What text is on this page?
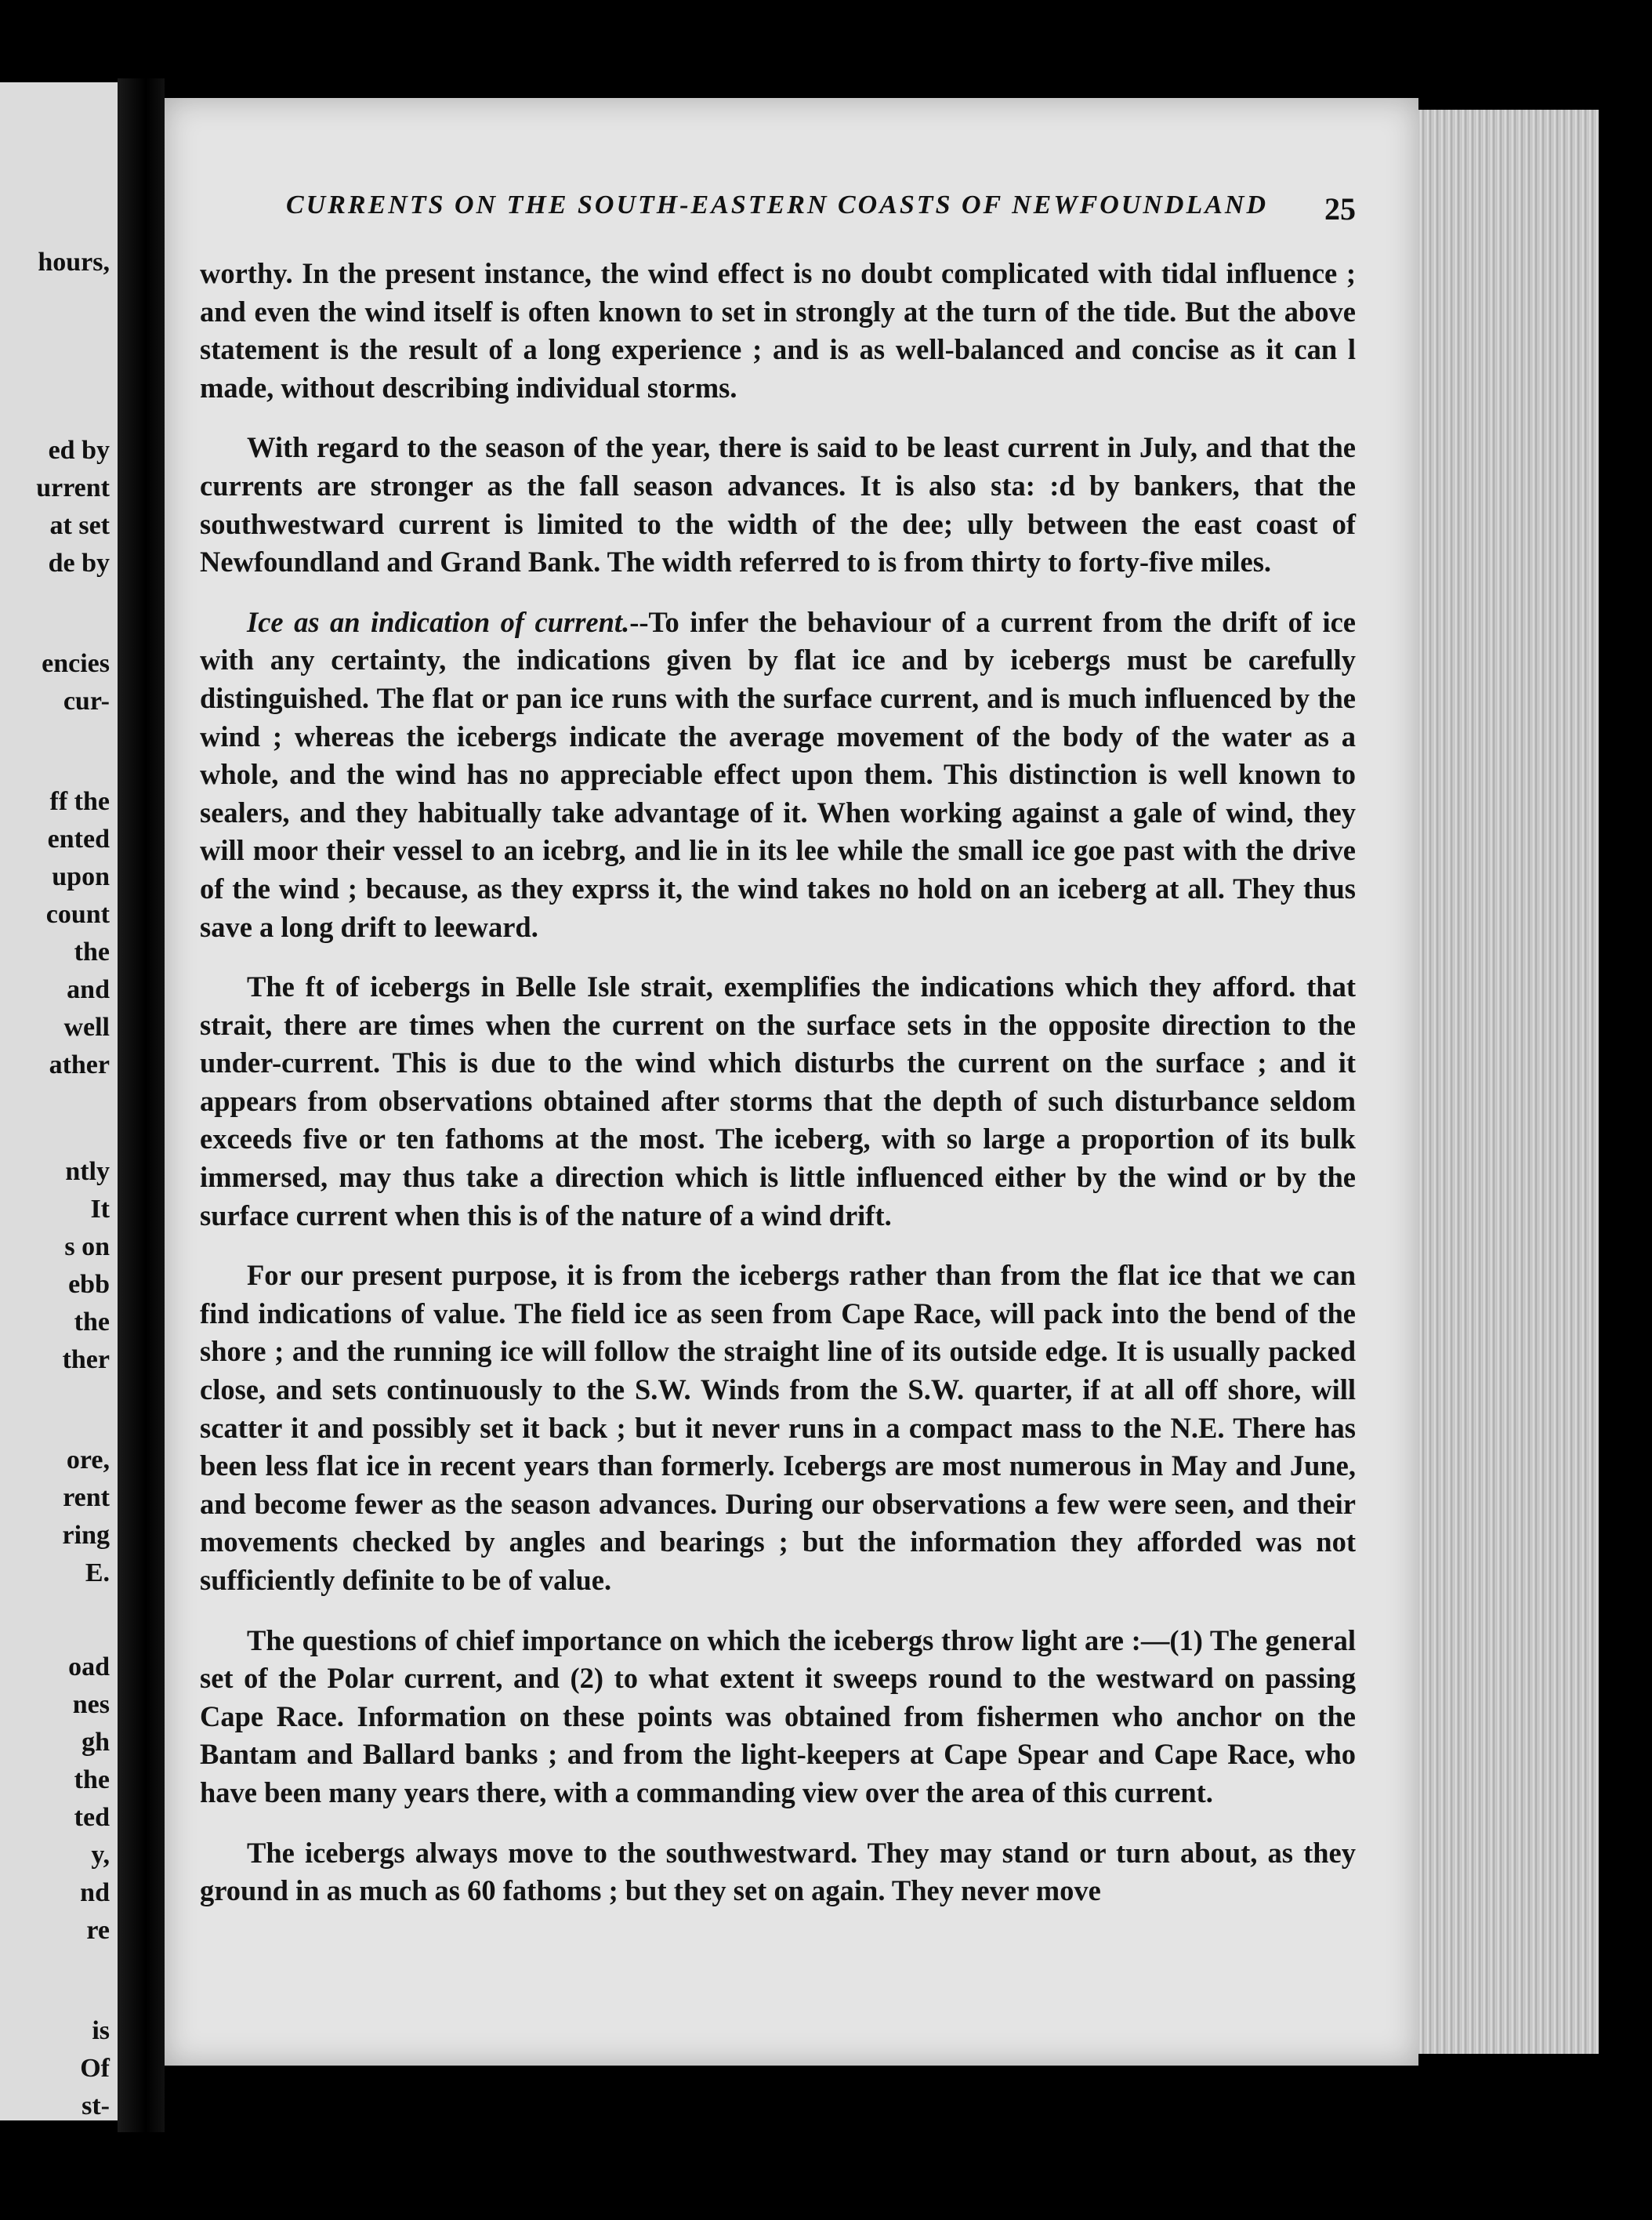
hours,
ed by
urrent
at set
de by
encies
cur-
ff the
ented
upon
count
the
and
well
ather
ntly
It
s on
ebb
the
ther
ore,
rent
ring
E.
oad
nes
gh
the
ted
y,
nd
re
is
Of
st-
CURRENTS ON THE SOUTH-EASTERN COASTS OF NEWFOUNDLAND	25

worthy. In the present instance, the wind effect is no doubt complicated with tidal influence ; and even the wind itself is often known to set in strongly at the turn of the tide. But the above statement is the result of a long experience ; and is as well-balanced and concise as it can l made, without describing individual storms.

With regard to the season of the year, there is said to be least current in July, and that the currents are stronger as the fall season advances. It is also sta: :d by bankers, that the southwestward current is limited to the width of the dee; ully between the east coast of Newfoundland and Grand Bank. The width referred to is from thirty to forty-five miles.

Ice as an indication of current.--To infer the behaviour of a current from the drift of ice with any certainty, the indications given by flat ice and by icebergs must be carefully distinguished. The flat or pan ice runs with the surface current, and is much influenced by the wind ; whereas the icebergs indicate the average movement of the body of the water as a whole, and the wind has no appreciable effect upon them. This distinction is well known to sealers, and they habitually take advantage of it. When working against a gale of wind, they will moor their vessel to an icebrg, and lie in its lee while the small ice goe past with the drive of the wind ; because, as they exprss it, the wind takes no hold on an iceberg at all. They thus save a long drift to leeward.

The ft of icebergs in Belle Isle strait, exemplifies the indications which they afford. that strait, there are times when the current on the surface sets in the opposite direction to the under-current. This is due to the wind which disturbs the current on the surface ; and it appears from observations obtained after storms that the depth of such disturbance seldom exceeds five or ten fathoms at the most. The iceberg, with so large a proportion of its bulk immersed, may thus take a direction which is little influenced either by the wind or by the surface current when this is of the nature of a wind drift.

For our present purpose, it is from the icebergs rather than from the flat ice that we can find indications of value. The field ice as seen from Cape Race, will pack into the bend of the shore ; and the running ice will follow the straight line of its outside edge. It is usually packed close, and sets continuously to the S.W. Winds from the S.W. quarter, if at all off shore, will scatter it and possibly set it back ; but it never runs in a compact mass to the N.E. There has been less flat ice in recent years than formerly. Icebergs are most numerous in May and June, and become fewer as the season advances. During our observations a few were seen, and their movements checked by angles and bearings ; but the information they afforded was not sufficiently definite to be of value.

The questions of chief importance on which the icebergs throw light are :—(1) The general set of the Polar current, and (2) to what extent it sweeps round to the westward on passing Cape Race. Information on these points was obtained from fishermen who anchor on the Bantam and Ballard banks ; and from the light-keepers at Cape Spear and Cape Race, who have been many years there, with a commanding view over the area of this current.

The icebergs always move to the southwestward. They may stand or turn about, as they ground in as much as 60 fathoms ; but they set on again. They never move
